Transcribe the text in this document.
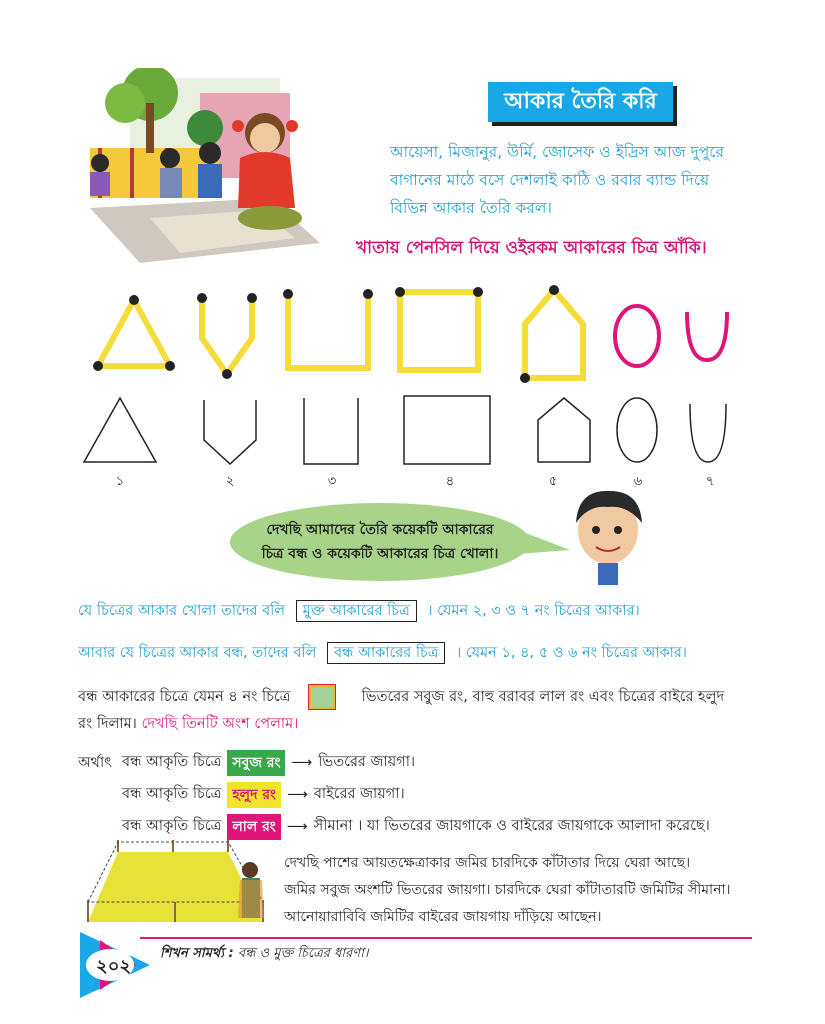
আকার তৈরি করি
আয়েসা, মিজানুর, উর্মি, জোসেফ ও ইদ্রিস আজ দুপুরে
বাগানের মাঠে বসে দেশলাই কাঠি ও রবার ব্যান্ড দিয়ে
বিভিন্ন আকার তৈরি করল।
খাতায় পেনসিল দিয়ে ওইরকম আকারের চিত্র আঁকি।
১	২	৩	৪	৫	৬	৭
দেখছি আমাদের তৈরি কয়েকটি আকারের
চিত্র বন্ধ ও কয়েকটি আকারের চিত্র খোলা।
যে চিত্রের আকার খোলা তাদের বলি মুক্ত আকারের চিত্র । যেমন ২, ৩ ও ৭ নং চিত্রের আকার।
আবার যে চিত্রের আকার বন্ধ, তাদের বলি বন্ধ আকারের চিত্র । যেমন ১, ৪, ৫ ও ৬ নং চিত্রের আকার।
বন্ধ আকারের চিত্রে যেমন ৪ নং চিত্রে	ভিতরের সবুজ রং, বাহু বরাবর লাল রং এবং চিত্রের বাইরে হলুদ
রং দিলাম। দেখছি তিনটি অংশ পেলাম।
অর্থাৎ বন্ধ আকৃতি চিত্রে সবুজ রং ⟶ ভিতরের জায়গা।
বন্ধ আকৃতি চিত্রে হলুদ রং ⟶ বাইরের জায়গা।
বন্ধ আকৃতি চিত্রে লাল রং ⟶ সীমানা । যা ভিতরের জায়গাকে ও বাইরের জায়গাকে আলাদা করেছে।
দেখছি পাশের আয়তক্ষেত্রাকার জমির চারদিকে কাঁটাতার দিয়ে ঘেরা আছে।
জমির সবুজ অংশটি ভিতরের জায়গা। চারদিকে ঘেরা কাঁটাতারটি জমিটির সীমানা।
আনোয়ারাবিবি জমিটির বাইরের জায়গায় দাঁড়িয়ে আছেন।
২০২
শিখন সামর্থ্য : বন্ধ ও মুক্ত চিত্রের ধারণা।
